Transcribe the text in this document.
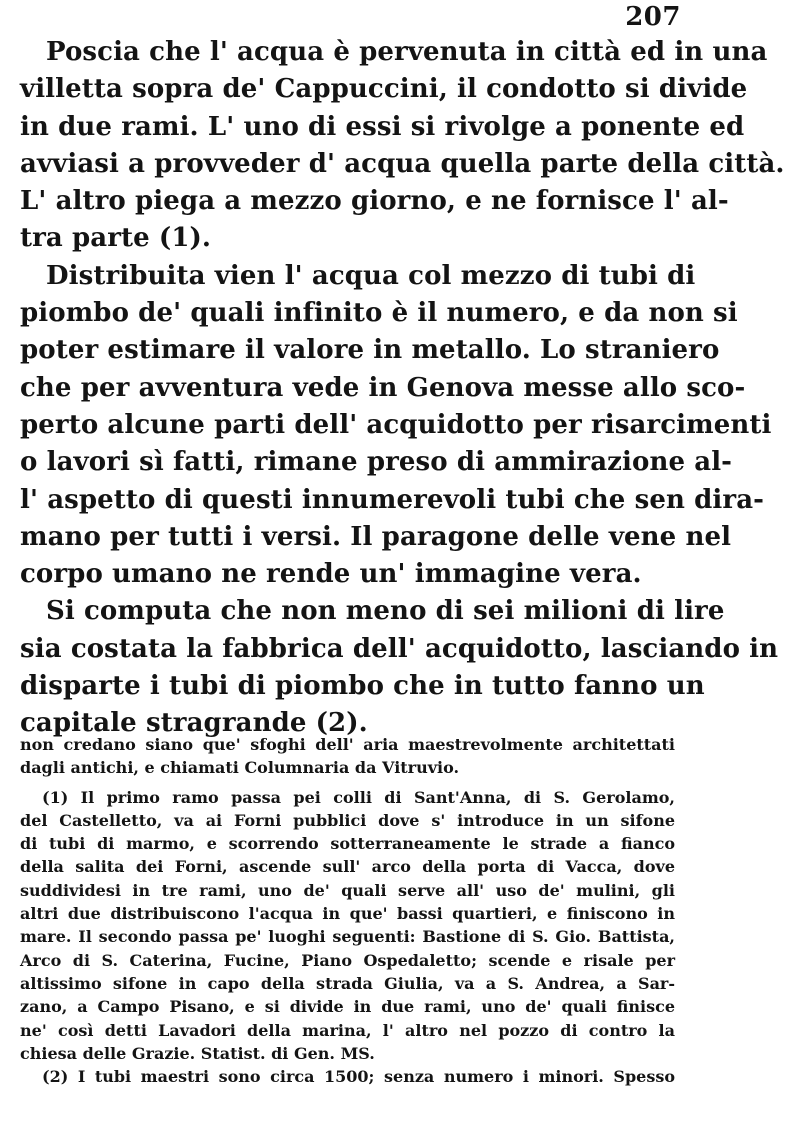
207
Poscia che l' acqua è pervenuta in città ed in una
villetta sopra de' Cappuccini, il condotto si divide
in due rami. L' uno di essi si rivolge a ponente ed
avviasi a provveder d' acqua quella parte della città.
L' altro piega a mezzo giorno, e ne fornisce l' al-
tra parte (1).
Distribuita vien l' acqua col mezzo di tubi di
piombo de' quali infinito è il numero, e da non si
poter estimare il valore in metallo. Lo straniero
che per avventura vede in Genova messe allo sco-
perto alcune parti dell' acquidotto per risarcimenti
o lavori sì fatti, rimane preso di ammirazione al-
l' aspetto di questi innumerevoli tubi che sen dira-
mano per tutti i versi. Il paragone delle vene nel
corpo umano ne rende un' immagine vera.
Si computa che non meno di sei milioni di lire
sia costata la fabbrica dell' acquidotto, lasciando in
disparte i tubi di piombo che in tutto fanno un
capitale stragrande (2).
non credano siano que' sfoghi dell' aria maestrevolmente architettati
dagli antichi, e chiamati Columnaria da Vitruvio.
(1) Il primo ramo passa pei colli di Sant'Anna, di S. Gerolamo,
del Castelletto, va ai Forni pubblici dove s' introduce in un sifone
di tubi di marmo, e scorrendo sotterraneamente le strade a fianco
della salita dei Forni, ascende sull' arco della porta di Vacca, dove
suddividesi in tre rami, uno de' quali serve all' uso de' mulini, gli
altri due distribuiscono l'acqua in que' bassi quartieri, e finiscono in
mare. Il secondo passa pe' luoghi seguenti: Bastione di S. Gio. Battista,
Arco di S. Caterina, Fucine, Piano Ospedaletto; scende e risale per
altissimo sifone in capo della strada Giulia, va a S. Andrea, a Sar-
zano, a Campo Pisano, e si divide in due rami, uno de' quali finisce
ne' così detti Lavadori della marina, l' altro nel pozzo di contro la
chiesa delle Grazie. Statist. di Gen. MS.
(2) I tubi maestri sono circa 1500; senza numero i minori. Spesso
